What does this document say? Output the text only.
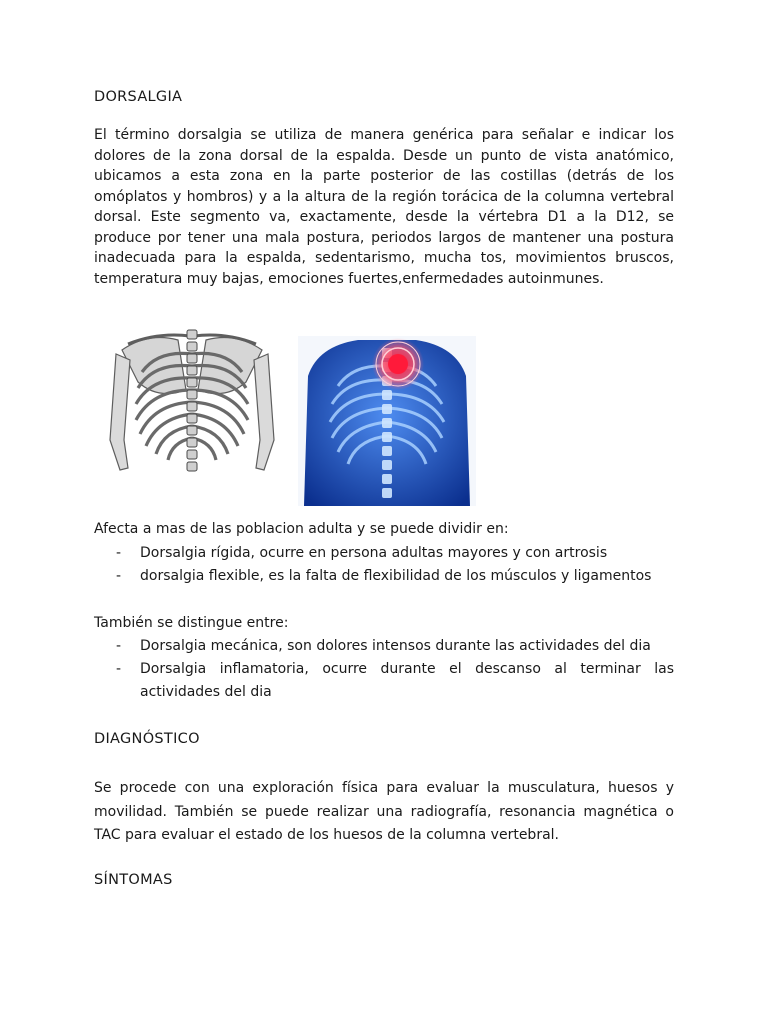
DORSALGIA
El término dorsalgia se utiliza de manera genérica para señalar e indicar los dolores de la zona dorsal de la espalda. Desde un punto de vista anatómico, ubicamos a esta zona en la parte posterior de las costillas (detrás de los omóplatos y hombros) y a la altura de la región torácica de la columna vertebral dorsal. Este segmento va, exactamente, desde la vértebra D1 a la D12, se produce por tener una mala postura, periodos largos de mantener una postura inadecuada para la espalda, sedentarismo, mucha tos, movimientos bruscos, temperatura muy bajas, emociones fuertes,enfermedades autoinmunes.
Afecta a mas de las poblacion adulta y se puede dividir en:
- Dorsalgia rígida, ocurre en persona adultas mayores y con artrosis
- dorsalgia flexible, es la falta de flexibilidad de los músculos y ligamentos
También se distingue entre:
- Dorsalgia mecánica, son dolores intensos durante las actividades del dia
- Dorsalgia inflamatoria, ocurre durante el descanso al terminar las actividades del dia
DIAGNÓSTICO
Se procede con una exploración física para evaluar la musculatura, huesos y movilidad. También se puede realizar una radiografía, resonancia magnética o TAC para evaluar el estado de los huesos de la columna vertebral.
SÍNTOMAS
